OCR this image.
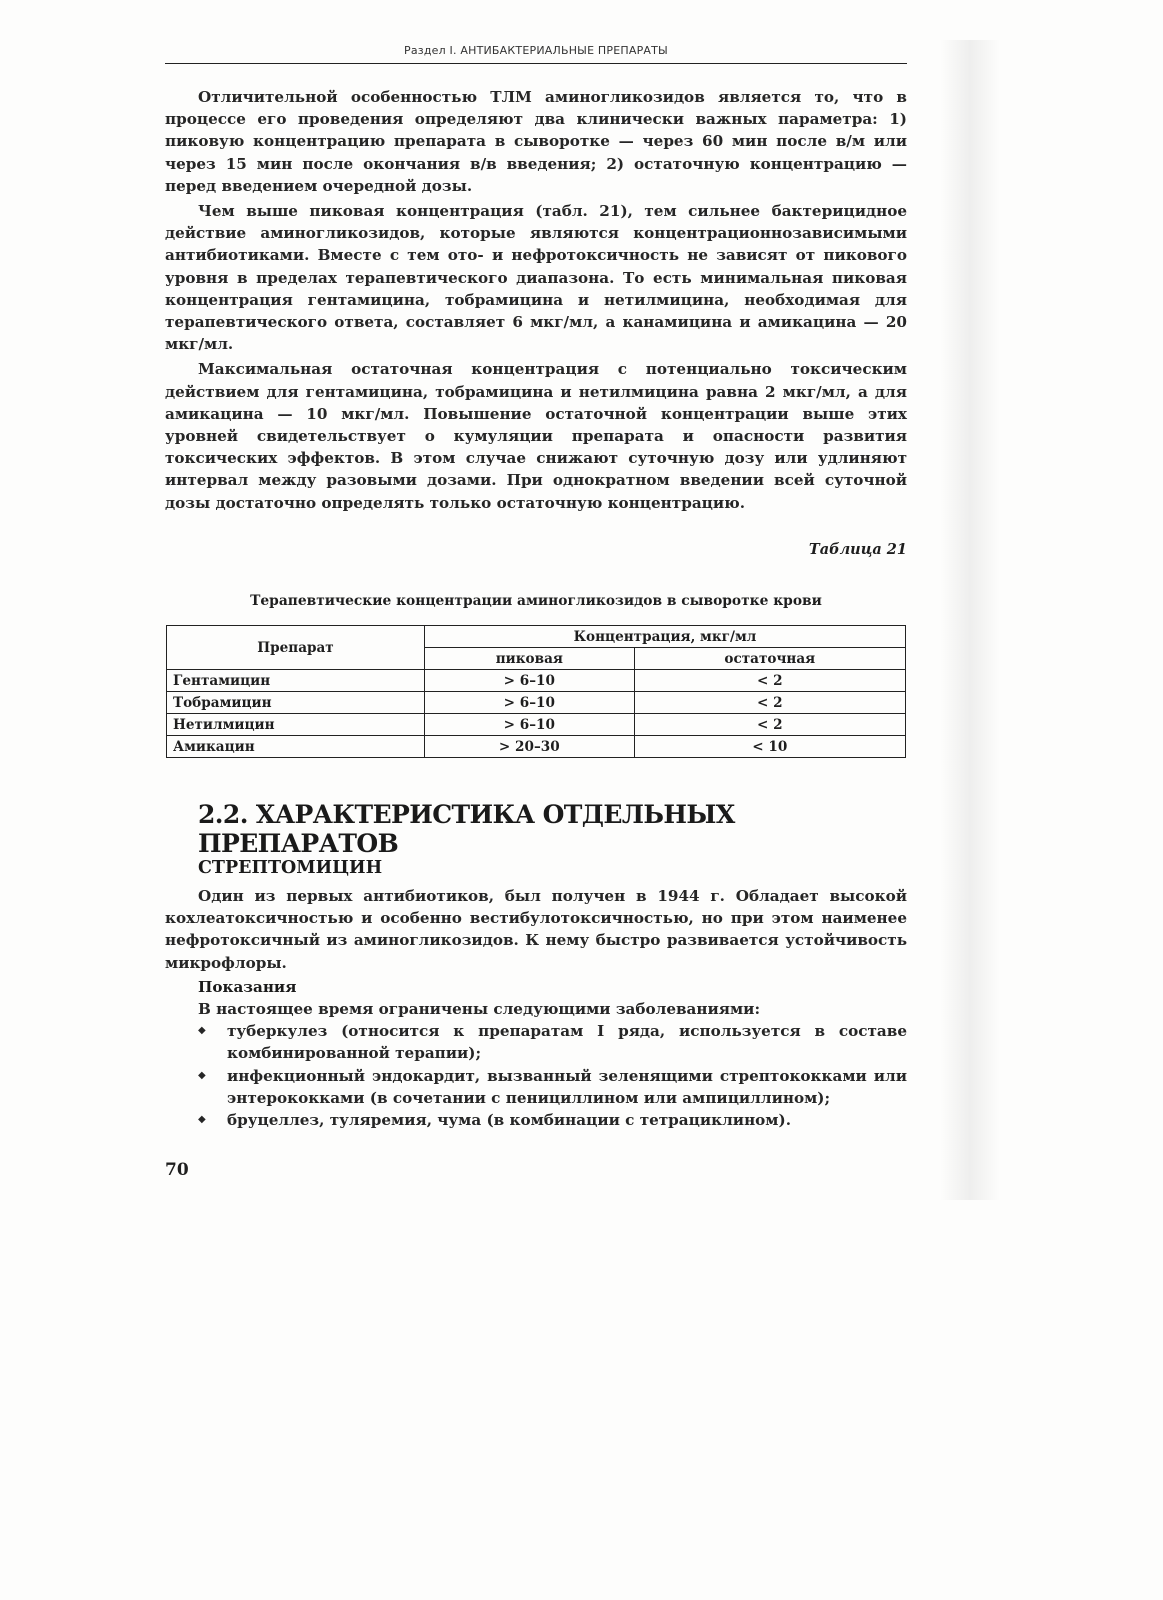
Раздел I. АНТИБАКТЕРИАЛЬНЫЕ ПРЕПАРАТЫ

Отличительной особенностью ТЛМ аминогликозидов является то, что в процессе его проведения определяют два клинически важных параметра: 1) пиковую концентрацию препарата в сыворотке — через 60 мин после в/м или через 15 мин после окончания в/в введения; 2) остаточную концентрацию — перед введением очередной дозы.

Чем выше пиковая концентрация (табл. 21), тем сильнее бактерицидное действие аминогликозидов, которые являются концентрационнозависимыми антибиотиками. Вместе с тем ото- и нефротоксичность не зависят от пикового уровня в пределах терапевтического диапазона. То есть минимальная пиковая концентрация гентамицина, тобрамицина и нетилмицина, необходимая для терапевтического ответа, составляет 6 мкг/мл, а канамицина и амикацина — 20 мкг/мл.

Максимальная остаточная концентрация с потенциально токсическим действием для гентамицина, тобрамицина и нетилмицина равна 2 мкг/мл, а для амикацина — 10 мкг/мл. Повышение остаточной концентрации выше этих уровней свидетельствует о кумуляции препарата и опасности развития токсических эффектов. В этом случае снижают суточную дозу или удлиняют интервал между разовыми дозами. При однократном введении всей суточной дозы достаточно определять только остаточную концентрацию.

Таблица 21
Терапевтические концентрации аминогликозидов в сыворотке крови
Препарат	Концентрация, мкг/мл	
	пиковая	остаточная
Гентамицин	> 6–10	< 2
Тобрамицин	> 6–10	< 2
Нетилмицин	> 6–10	< 2
Амикацин	> 20–30	< 10
2.2. ХАРАКТЕРИСТИКА ОТДЕЛЬНЫХ ПРЕПАРАТОВ
СТРЕПТОМИЦИН

Один из первых антибиотиков, был получен в 1944 г. Обладает высокой кохлеатоксичностью и особенно вестибулотоксичностью, но при этом наименее нефротоксичный из аминогликозидов. К нему быстро развивается устойчивость микрофлоры.

Показания

В настоящее время ограничены следующими заболеваниями:

◆ туберкулез (относится к препаратам I ряда, используется в составе комбинированной терапии);
◆ инфекционный эндокардит, вызванный зеленящими стрептококками или энтерококками (в сочетании с пенициллином или ампициллином);
◆ бруцеллез, туляремия, чума (в комбинации с тетрациклином).
70
